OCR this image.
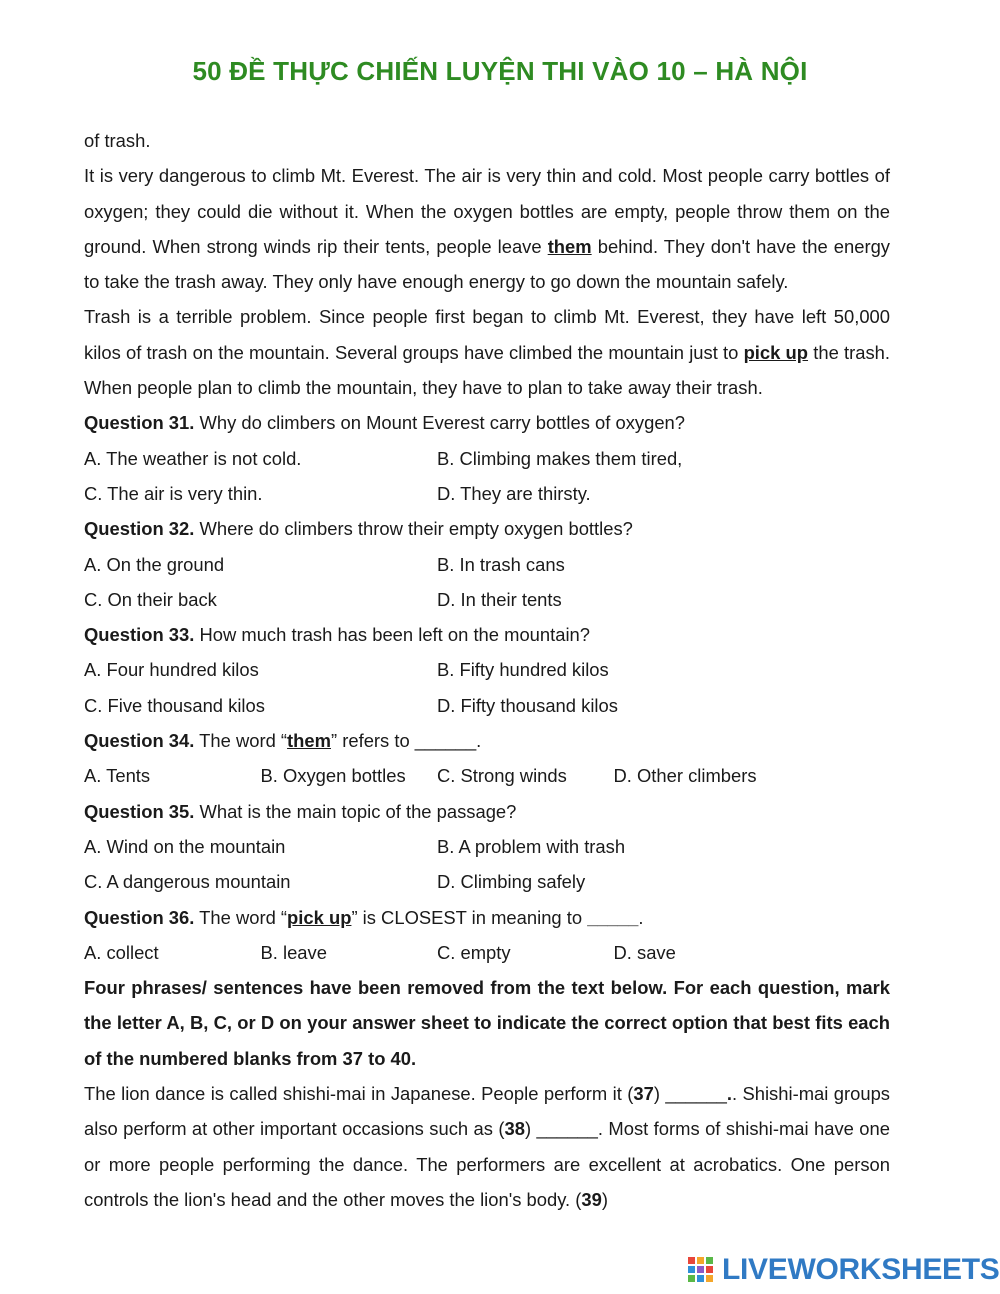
50 ĐỀ THỰC CHIẾN LUYỆN THI VÀO 10 – HÀ NỘI
of trash.
It is very dangerous to climb Mt. Everest. The air is very thin and cold. Most people carry bottles of oxygen; they could die without it. When the oxygen bottles are empty, people throw them on the ground. When strong winds rip their tents, people leave them behind. They don't have the energy to take the trash away. They only have enough energy to go down the mountain safely.
Trash is a terrible problem. Since people first began to climb Mt. Everest, they have left 50,000 kilos of trash on the mountain. Several groups have climbed the mountain just to pick up the trash. When people plan to climb the mountain, they have to plan to take away their trash.
Question 31. Why do climbers on Mount Everest carry bottles of oxygen?
A. The weather is not cold.	B. Climbing makes them tired,
C. The air is very thin.	D. They are thirsty.
Question 32. Where do climbers throw their empty oxygen bottles?
A. On the ground	B. In trash cans
C. On their back	D. In their tents
Question 33. How much trash has been left on the mountain?
A. Four hundred kilos	B. Fifty hundred kilos
C. Five thousand kilos	D. Fifty thousand kilos
Question 34. The word “them” refers to ______.
A. Tents	B. Oxygen bottles	C. Strong winds	D. Other climbers
Question 35. What is the main topic of the passage?
A. Wind on the mountain	B. A problem with trash
C. A dangerous mountain	D. Climbing safely
Question 36. The word “pick up” is CLOSEST in meaning to _____.
A. collect	B. leave	C. empty	D. save
Four phrases/ sentences have been removed from the text below. For each question, mark the letter A, B, C, or D on your answer sheet to indicate the correct option that best fits each of the numbered blanks from 37 to 40.
The lion dance is called shishi-mai in Japanese. People perform it (37) ______.. Shishi-mai groups also perform at other important occasions such as (38) ______. Most forms of shishi-mai have one or more people performing the dance. The performers are excellent at acrobatics. One person controls the lion's head and the other moves the lion's body. (39)
LIVEWORKSHEETS
